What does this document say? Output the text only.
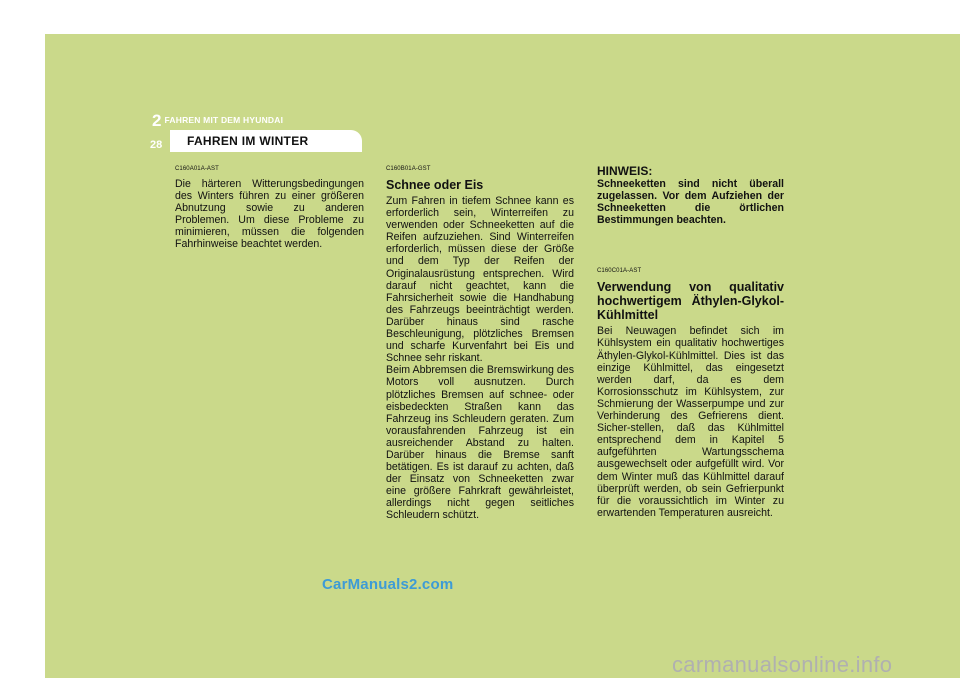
2 FAHREN MIT DEM HYUNDAI
28 FAHREN IM WINTER
C160A01A-AST
Die härteren Witterungsbedingungen des Winters führen zu einer größeren Abnutzung sowie zu anderen Problemen. Um diese Probleme zu minimieren, müssen die folgenden Fahrhinweise beachtet werden.
C160B01A-GST
Schnee oder Eis
Zum Fahren in tiefem Schnee kann es erforderlich sein, Winterreifen zu verwenden oder Schneeketten auf die Reifen aufzuziehen. Sind Winterreifen erforderlich, müssen diese der Größe und dem Typ der Reifen der Originalausrüstung entsprechen. Wird darauf nicht geachtet, kann die Fahrsicherheit sowie die Handhabung des Fahrzeugs beeinträchtigt werden. Darüber hinaus sind rasche Beschleunigung, plötzliches Bremsen und scharfe Kurvenfahrt bei Eis und Schnee sehr riskant.
Beim Abbremsen die Bremswirkung des Motors voll ausnutzen. Durch plötzliches Bremsen auf schnee- oder eisbedeckten Straßen kann das Fahrzeug ins Schleudern geraten. Zum vorausfahrenden Fahrzeug ist ein ausreichender Abstand zu halten. Darüber hinaus die Bremse sanft betätigen. Es ist darauf zu achten, daß der Einsatz von Schneeketten zwar eine größere Fahrkraft gewährleistet, allerdings nicht gegen seitliches Schleudern schützt.
HINWEIS:
Schneeketten sind nicht überall zugelassen. Vor dem Aufziehen der Schneeketten die örtlichen Bestimmungen beachten.
C160C01A-AST
Verwendung von qualitativ hochwertigem Äthylen-Glykol-Kühlmittel
Bei Neuwagen befindet sich im Kühlsystem ein qualitativ hochwertiges Äthylen-Glykol-Kühlmittel. Dies ist das einzige Kühlmittel, das eingesetzt werden darf, da es dem Korrosionsschutz im Kühlsystem, zur Schmierung der Wasserpumpe und zur Verhinderung des Gefrierens dient. Sicher-stellen, daß das Kühlmittel entsprechend dem in Kapitel 5 aufgeführten Wartungsschema ausgewechselt oder aufgefüllt wird. Vor dem Winter muß das Kühlmittel darauf überprüft werden, ob sein Gefrierpunkt für die voraussichtlich im Winter zu erwartenden Temperaturen ausreicht.
CarManuals2.com
carmanualsonline.info
